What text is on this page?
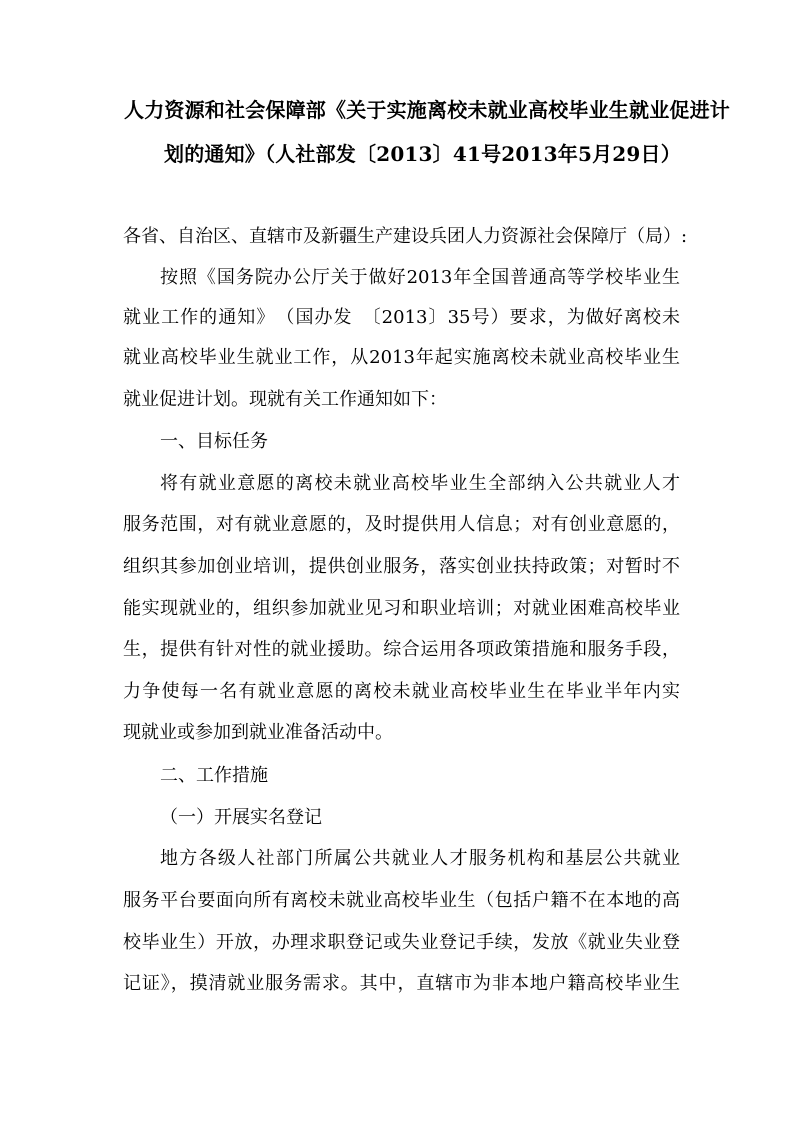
人力资源和社会保障部《关于实施离校未就业高校毕业生就业促进计
划的通知》（人社部发〔2013〕41号2013年5月29日）
各省、自治区、直辖市及新疆生产建设兵团人力资源社会保障厅（局）:
按照《国务院办公厅关于做好2013年全国普通高等学校毕业生
就业工作的通知》　（国办发　〔2013〕35号）要求，为做好离校未
就业高校毕业生就业工作，从2013年起实施离校未就业高校毕业生
就业促进计划。现就有关工作通知如下：
一、目标任务
将有就业意愿的离校未就业高校毕业生全部纳入公共就业人才
服务范围，对有就业意愿的，及时提供用人信息；对有创业意愿的，
组织其参加创业培训，提供创业服务，落实创业扶持政策；对暂时不
能实现就业的，组织参加就业见习和职业培训；对就业困难高校毕业
生，提供有针对性的就业援助。综合运用各项政策措施和服务手段，
力争使每一名有就业意愿的离校未就业高校毕业生在毕业半年内实
现就业或参加到就业准备活动中。
二、工作措施
（一）开展实名登记
地方各级人社部门所属公共就业人才服务机构和基层公共就业
服务平台要面向所有离校未就业高校毕业生（包括户籍不在本地的高
校毕业生）开放，办理求职登记或失业登记手续，发放《就业失业登
记证》，摸清就业服务需求。其中，直辖市为非本地户籍高校毕业生
